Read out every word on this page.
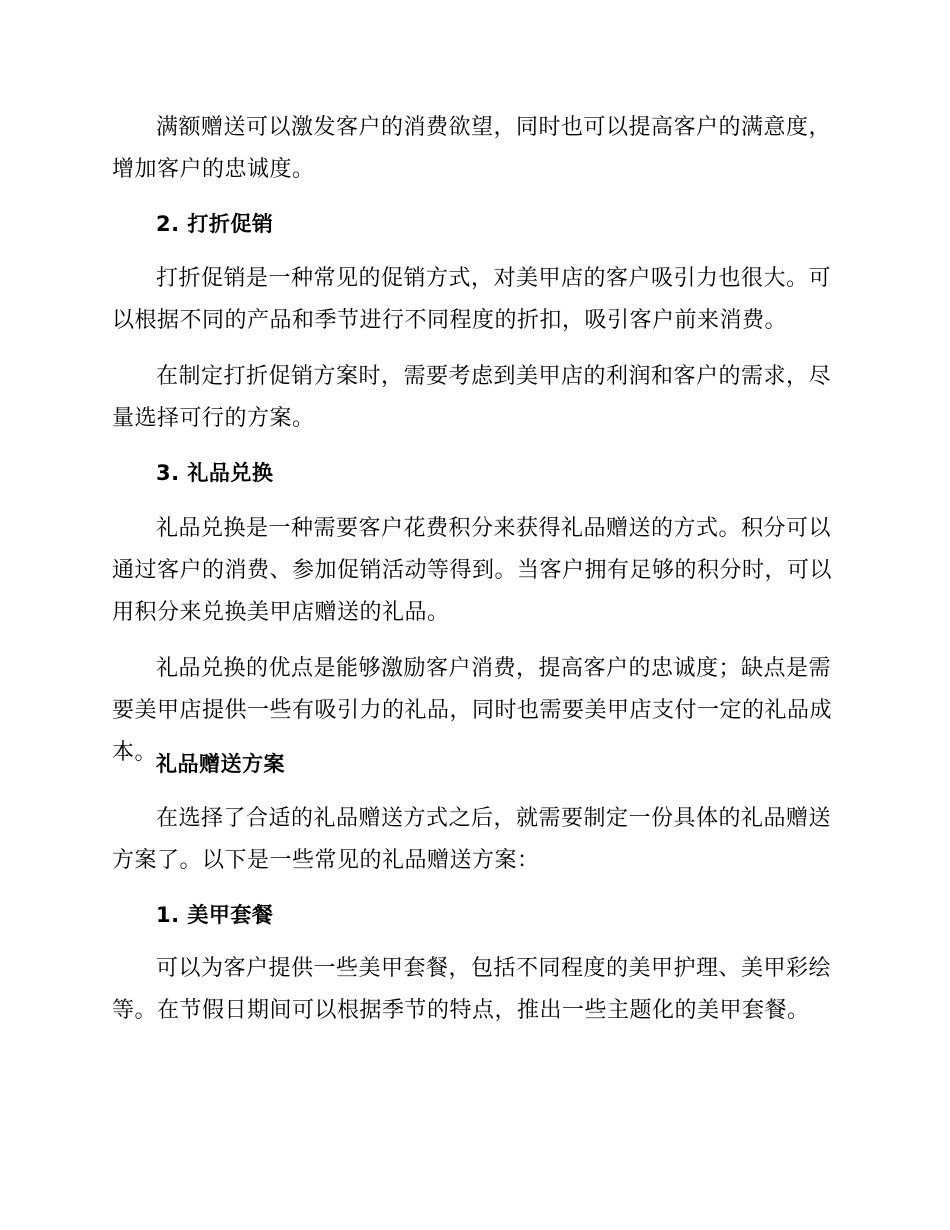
满额赠送可以激发客户的消费欲望，同时也可以提高客户的满意度，增加客户的忠诚度。

2. 打折促销

打折促销是一种常见的促销方式，对美甲店的客户吸引力也很大。可以根据不同的产品和季节进行不同程度的折扣，吸引客户前来消费。

在制定打折促销方案时，需要考虑到美甲店的利润和客户的需求，尽量选择可行的方案。

3. 礼品兑换

礼品兑换是一种需要客户花费积分来获得礼品赠送的方式。积分可以通过客户的消费、参加促销活动等得到。当客户拥有足够的积分时，可以用积分来兑换美甲店赠送的礼品。

礼品兑换的优点是能够激励客户消费，提高客户的忠诚度；缺点是需要美甲店提供一些有吸引力的礼品，同时也需要美甲店支付一定的礼品成本。

礼品赠送方案

在选择了合适的礼品赠送方式之后，就需要制定一份具体的礼品赠送方案了。以下是一些常见的礼品赠送方案：

1. 美甲套餐

可以为客户提供一些美甲套餐，包括不同程度的美甲护理、美甲彩绘等。在节假日期间可以根据季节的特点，推出一些主题化的美甲套餐。
